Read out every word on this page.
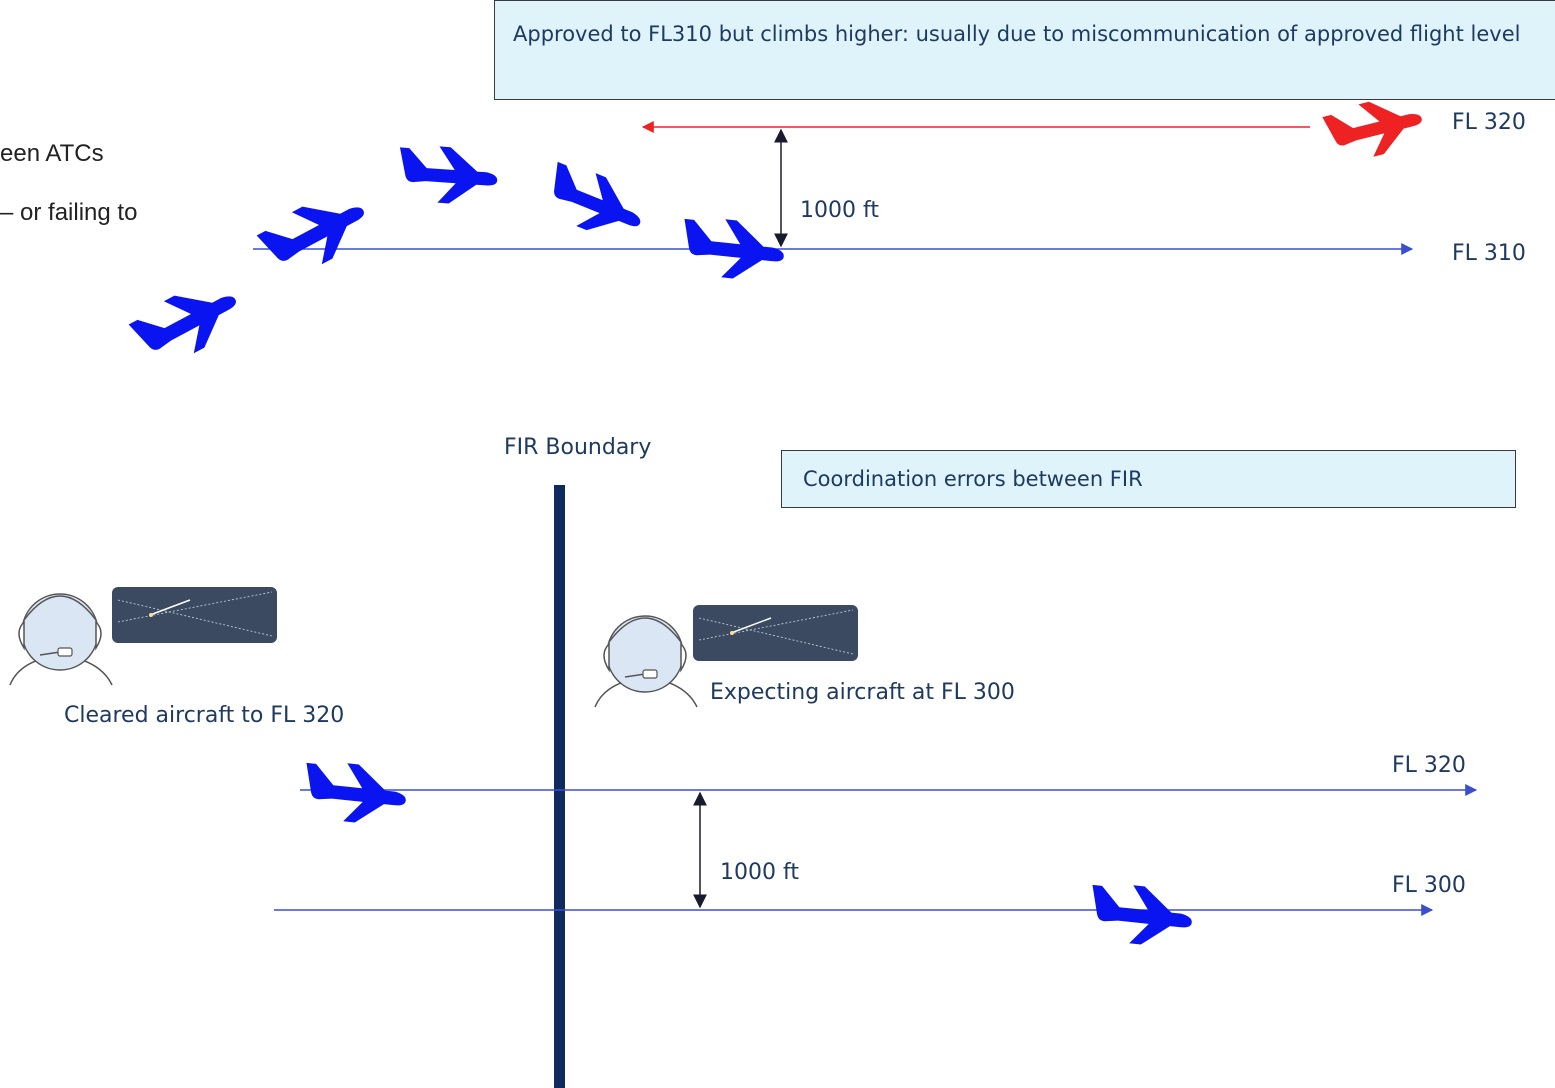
– or failing to
een ATCs
Approved to FL310 but climbs higher: usually due to miscommunication of approved flight level
Coordination errors between FIR
FL 320
FL 310
1000 ft
FIR Boundary
Cleared aircraft to FL 320
Expecting aircraft at FL 300
FL 320
FL 300
1000 ft
